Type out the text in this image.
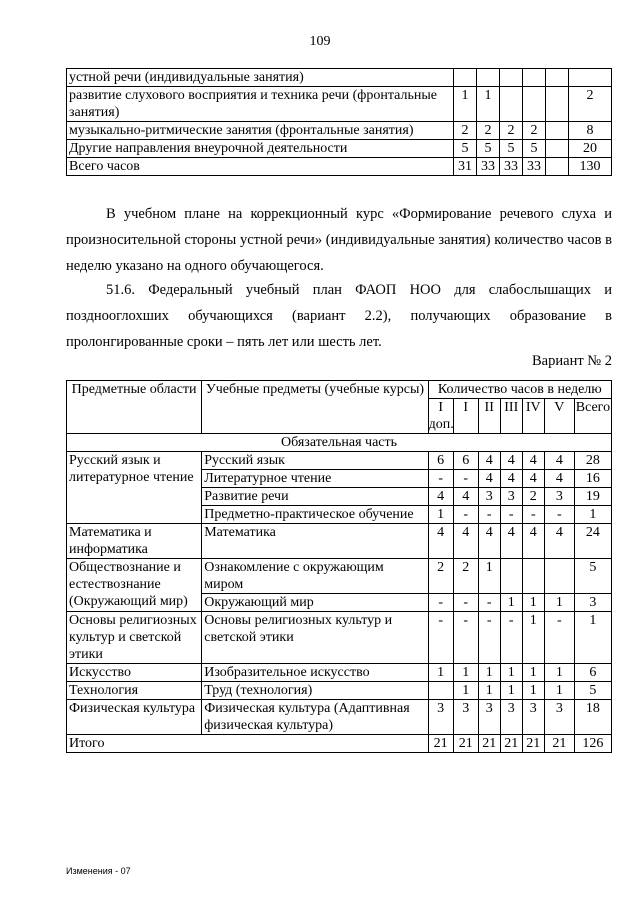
109
устной речи (индивидуальные занятия)						
развитие слухового восприятия и техника речи (фронтальные занятия)	1	1				2
музыкально-ритмические занятия (фронтальные занятия)	2	2	2	2		8
Другие направления внеурочной деятельности	5	5	5	5		20
Всего часов	31	33	33	33		130
В учебном плане на коррекционный курс «Формирование речевого слуха и произносительной стороны устной речи» (индивидуальные занятия) количество часов в неделю указано на одного обучающегося.
51.6. Федеральный учебный план ФАОП НОО для слабослышащих и позднооглохших обучающихся (вариант 2.2), получающих образование в пролонгированные сроки – пять лет или шесть лет.
Вариант № 2
Предметные области	Учебные предметы (учебные курсы)	Количество часов в неделю						
		I доп.	I	II	III	IV	V	Всего
Обязательная часть								
Русский язык и литературное чтение	Русский язык	6	6	4	4	4	4	28
	Литературное чтение	-	-	4	4	4	4	16
	Развитие речи	4	4	3	3	2	3	19
	Предметно-практическое обучение	1	-	-	-	-	-	1
Математика и информатика	Математика	4	4	4	4	4	4	24
Обществознание и естествознание (Окружающий мир)	Ознакомление с окружающим миром	2	2	1				5
	Окружающий мир	-	-	-	1	1	1	3
Основы религиозных культур и светской этики	Основы религиозных культур и светской этики	-	-	-	-	1	-	1
Искусство	Изобразительное искусство	1	1	1	1	1	1	6
Технология	Труд (технология)		1	1	1	1	1	5
Физическая культура	Физическая культура (Адаптивная физическая культура)	3	3	3	3	3	3	18
Итого		21	21	21	21	21	21	126
Изменения - 07
